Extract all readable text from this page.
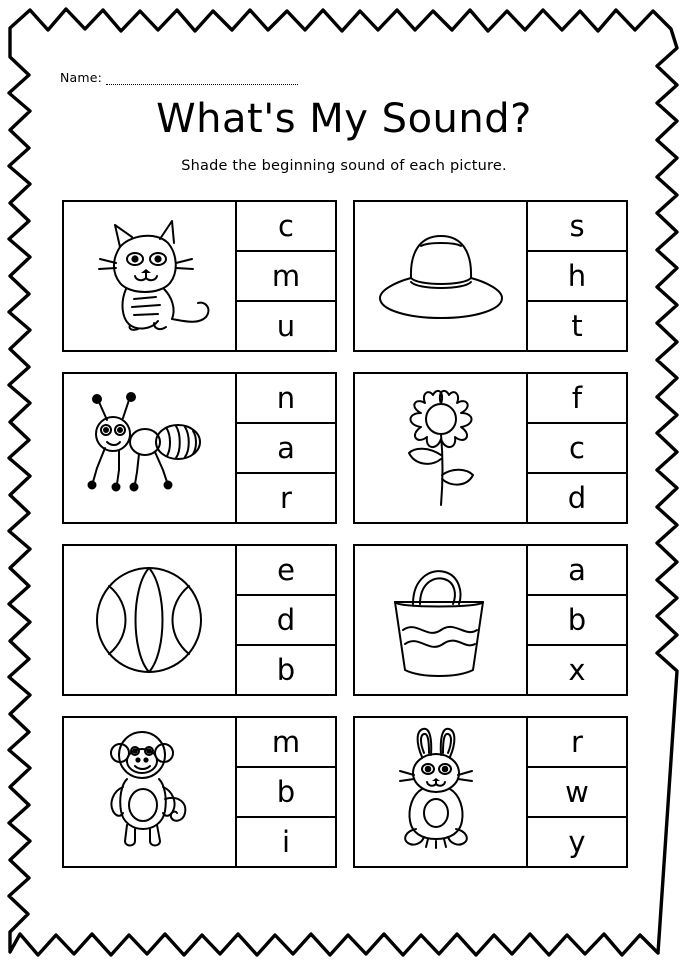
Name:
What's My Sound?
Shade the beginning sound of each picture.
c
m
u
s
h
t
n
a
r
f
c
d
e
d
b
a
b
x
m
b
i
r
w
y
